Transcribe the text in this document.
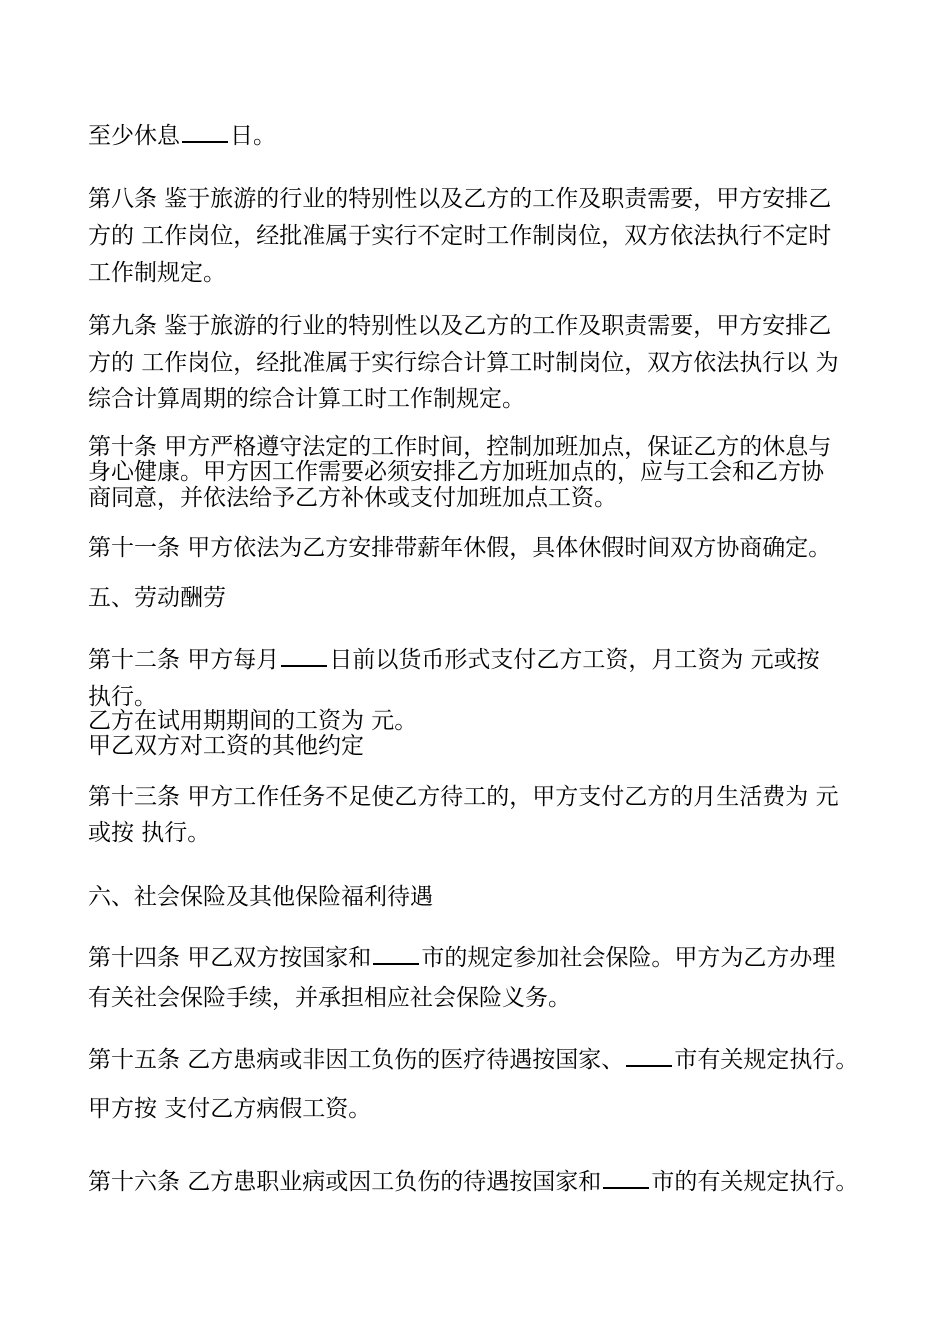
至少休息 日。

第八条 鉴于旅游的行业的特别性以及乙方的工作及职责需要，甲方安排乙

方的 工作岗位，经批准属于实行不定时工作制岗位，双方依法执行不定时

工作制规定。

第九条 鉴于旅游的行业的特别性以及乙方的工作及职责需要，甲方安排乙

方的 工作岗位，经批准属于实行综合计算工时制岗位，双方依法执行以 为

综合计算周期的综合计算工时工作制规定。

第十条 甲方严格遵守法定的工作时间，控制加班加点，保证乙方的休息与

身心健康。甲方因工作需要必须安排乙方加班加点的，应与工会和乙方协

商同意，并依法给予乙方补休或支付加班加点工资。

第十一条 甲方依法为乙方安排带薪年休假，具体休假时间双方协商确定。

五、劳动酬劳

第十二条 甲方每月 日前以货币形式支付乙方工资，月工资为 元或按

执行。

乙方在试用期期间的工资为 元。

甲乙双方对工资的其他约定

第十三条 甲方工作任务不足使乙方待工的，甲方支付乙方的月生活费为 元

或按 执行。

六、社会保险及其他保险福利待遇

第十四条 甲乙双方按国家和 市的规定参加社会保险。甲方为乙方办理

有关社会保险手续，并承担相应社会保险义务。

第十五条 乙方患病或非因工负伤的医疗待遇按国家、 市有关规定执行。

甲方按 支付乙方病假工资。

第十六条 乙方患职业病或因工负伤的待遇按国家和 市的有关规定执行。
